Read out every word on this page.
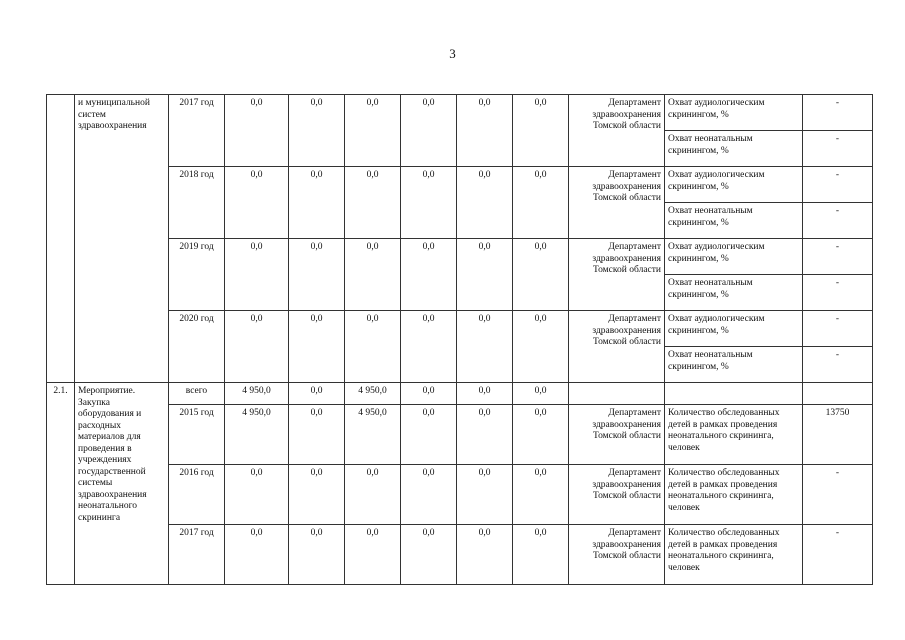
3
	и муниципальной систем здравоохранения	2017 год	0,0	0,0	0,0	0,0	0,0	0,0	Департамент здравоохранения Томской области	Охват аудиологическим скринингом, %	-
										Охват неонатальным скринингом, %	-
		2018 год	0,0	0,0	0,0	0,0	0,0	0,0	Департамент здравоохранения Томской области	Охват аудиологическим скринингом, %	-
										Охват неонатальным скринингом, %	-
		2019 год	0,0	0,0	0,0	0,0	0,0	0,0	Департамент здравоохранения Томской области	Охват аудиологическим скринингом, %	-
										Охват неонатальным скринингом, %	-
		2020 год	0,0	0,0	0,0	0,0	0,0	0,0	Департамент здравоохранения Томской области	Охват аудиологическим скринингом, %	-
										Охват неонатальным скринингом, %	-
2.1.	Мероприятие. Закупка оборудования и расходных материалов для проведения в учреждениях государственной системы здравоохранения неонатального скрининга	всего	4 950,0	0,0	4 950,0	0,0	0,0	0,0			
		2015 год	4 950,0	0,0	4 950,0	0,0	0,0	0,0	Департамент здравоохранения Томской области	Количество обследованных детей в рамках проведения неонатального скрининга, человек	13750
		2016 год	0,0	0,0	0,0	0,0	0,0	0,0	Департамент здравоохранения Томской области	Количество обследованных детей в рамках проведения неонатального скрининга, человек	-
		2017 год	0,0	0,0	0,0	0,0	0,0	0,0	Департамент здравоохранения Томской области	Количество обследованных детей в рамках проведения неонатального скрининга, человек	-
